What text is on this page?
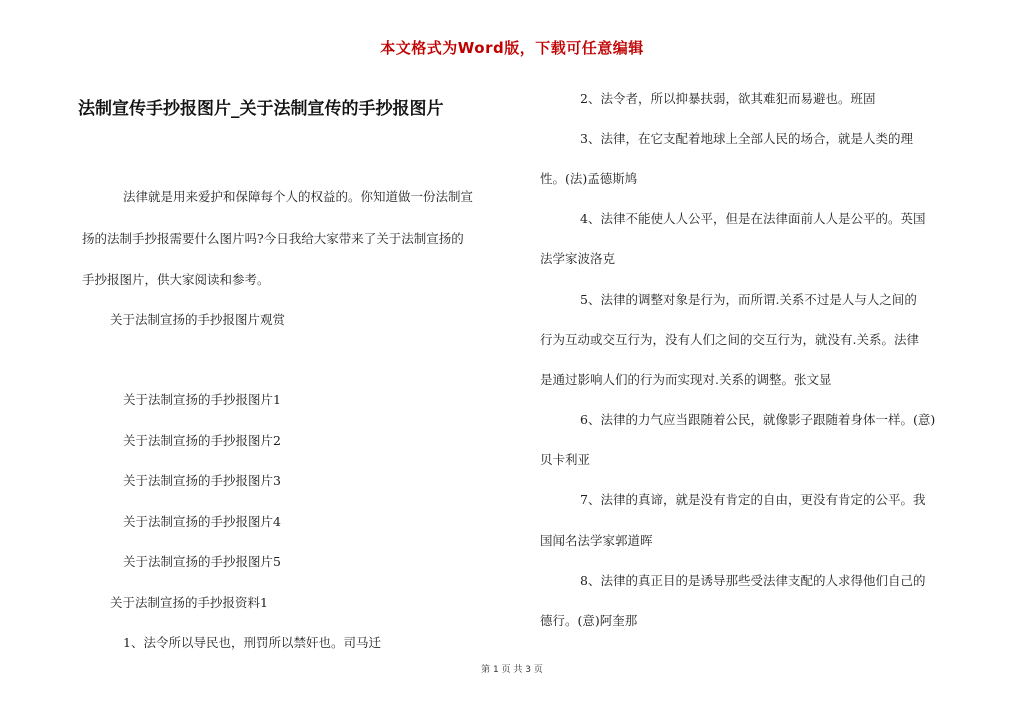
本文格式为Word版，下载可任意编辑
法制宣传手抄报图片_关于法制宣传的手抄报图片
法律就是用来爱护和保障每个人的权益的。你知道做一份法制宣
扬的法制手抄报需要什么图片吗?今日我给大家带来了关于法制宣扬的
手抄报图片，供大家阅读和参考。
关于法制宣扬的手抄报图片观赏
关于法制宣扬的手抄报图片1
关于法制宣扬的手抄报图片2
关于法制宣扬的手抄报图片3
关于法制宣扬的手抄报图片4
关于法制宣扬的手抄报图片5
关于法制宣扬的手抄报资料1
1、法令所以导民也，刑罚所以禁奸也。司马迁
2、法令者，所以抑暴扶弱，欲其难犯而易避也。班固
3、法律，在它支配着地球上全部人民的场合，就是人类的理
性。(法)孟德斯鸠
4、法律不能使人人公平，但是在法律面前人人是公平的。英国
法学家波洛克
5、法律的调整对象是行为，而所谓.关系不过是人与人之间的
行为互动或交互行为，没有人们之间的交互行为，就没有.关系。法律
是通过影响人们的行为而实现对.关系的调整。张文显
6、法律的力气应当跟随着公民，就像影子跟随着身体一样。(意)
贝卡利亚
7、法律的真谛，就是没有肯定的自由，更没有肯定的公平。我
国闻名法学家郭道晖
8、法律的真正目的是诱导那些受法律支配的人求得他们自己的
德行。(意)阿奎那
第 1 页 共 3 页
